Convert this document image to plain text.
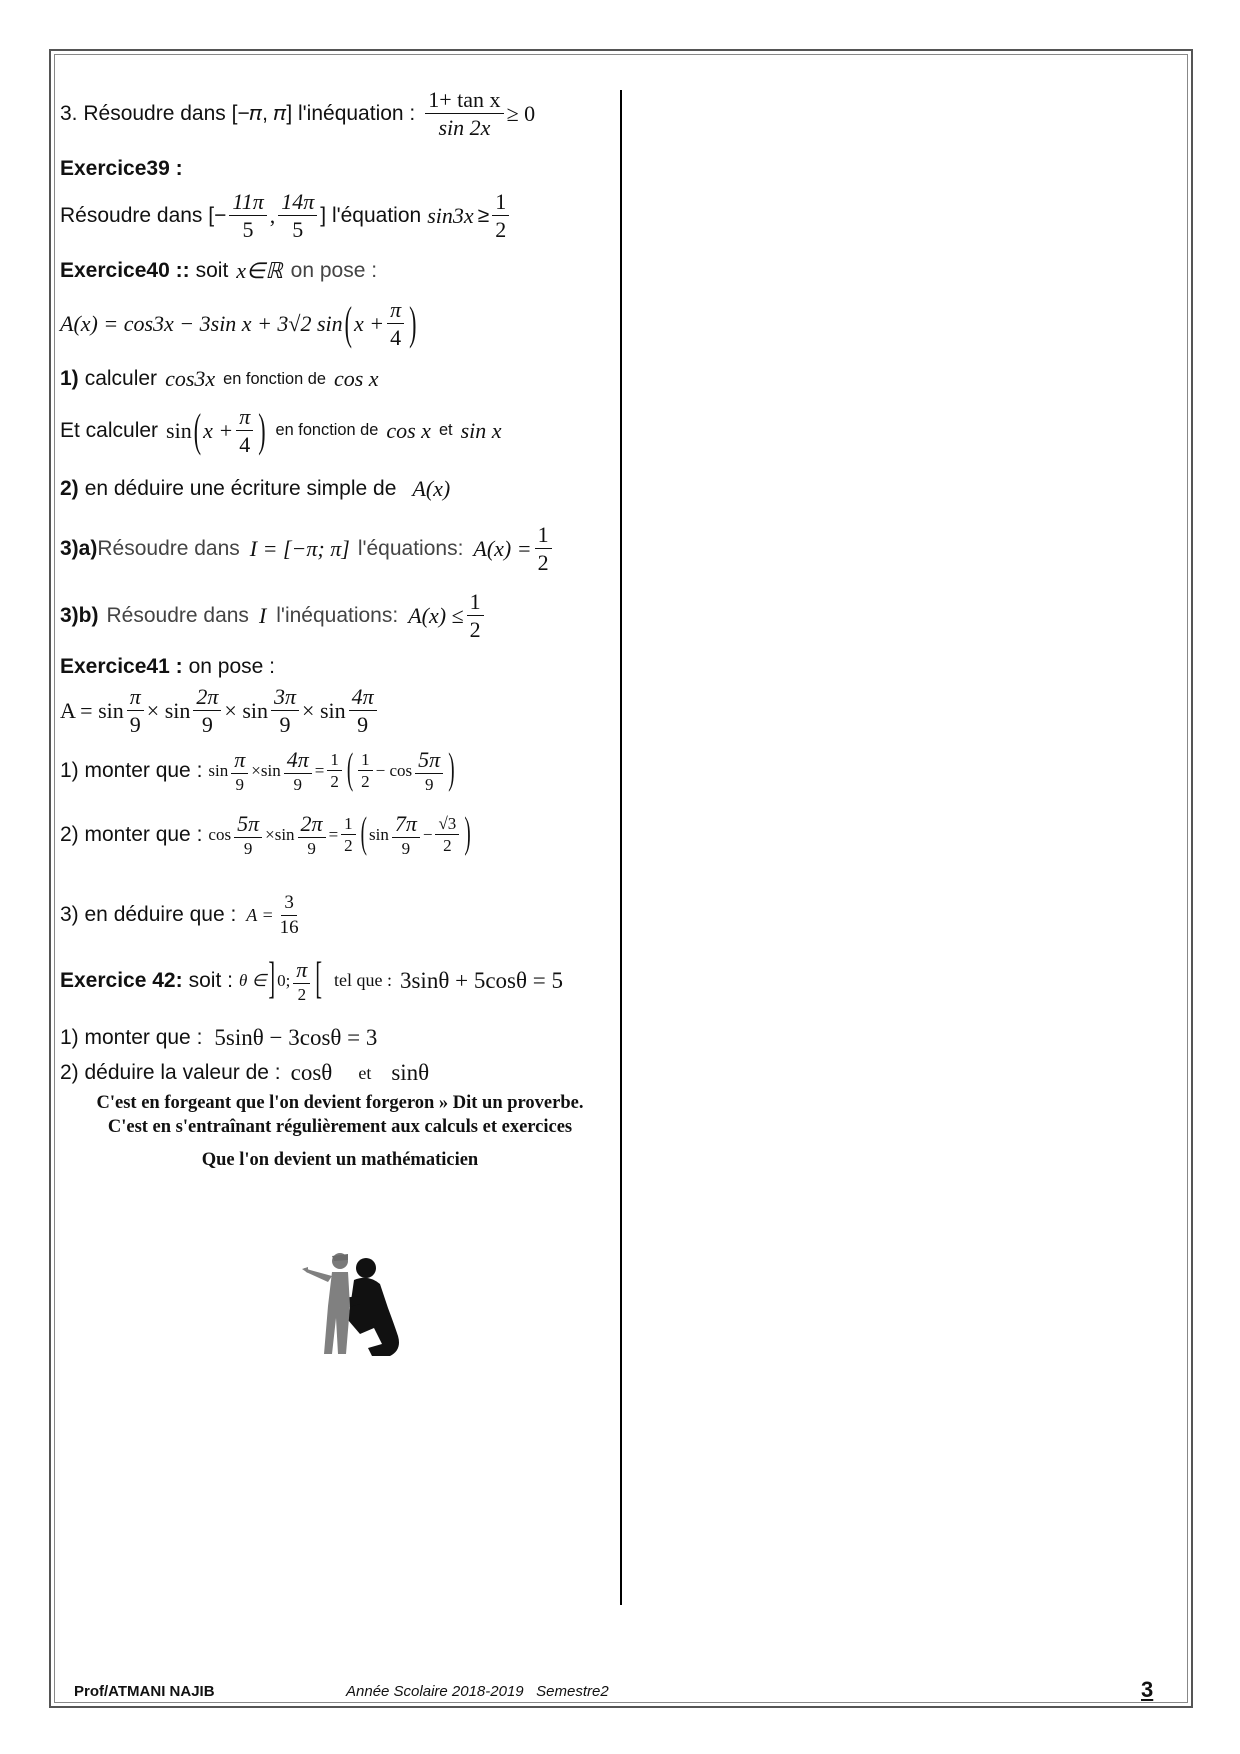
3. Résoudre dans [−𝜋, 𝜋] l'inéquation : $\frac{\text{1+ tan x}}{\sin 2x} \ge 0$
Exercice39 :
Résoudre dans [− $\frac{11\pi}{5}$ , $\frac{14\pi}{5}$ ] l'équation $\sin 3x \ge \frac{1}{2}$
Exercice40 :: soit x∈ℝ on pose :
A(x) = cos3x − 3sin x + 3√2 sin ( $x + \frac{\pi}{4}$ )
1) calculer cos3x en fonction de cos x
Et calculer sin ( $x + \frac{\pi}{4}$ ) en fonction de cos x et sin x
2) en déduire une écriture simple de A(x)
3)a) Résoudre dans I = [−π; π] l'équations: $A(x) = \frac{1}{2}$
3)b) Résoudre dans I l'inéquations: $A(x) \le \frac{1}{2}$
Exercice41 : on pose :
$A = \sin \frac{\pi}{9} \times \sin \frac{2\pi}{9} \times \sin \frac{3\pi}{9} \times \sin \frac{4\pi}{9}$
1) monter que : $\sin \frac{\pi}{9} \times \sin \frac{4\pi}{9} = \frac{1}{2}$ ( $\frac{1}{2} - \cos \frac{5\pi}{9}$ )
2) monter que : $\cos \frac{5\pi}{9} \times \sin \frac{2\pi}{9} = \frac{1}{2}$ ( $\sin \frac{7\pi}{9} - \frac{√3}{2}$ )
3) en déduire que : $A = \frac{3}{16}$
Exercice 42: soit : θ ∈ ] 0; $\frac{\pi}{2}$ [ tel que : 3sinθ + 5cosθ = 5
1) monter que : 5sinθ − 3cosθ = 3
2) déduire la valeur de : cosθ et sinθ
C'est en forgeant que l'on devient forgeron » Dit un proverbe.
C'est en s'entraînant régulièrement aux calculs et exercices
Que l'on devient un mathématicien
Prof/ATMANI NAJIB	Année Scolaire 2018-2019   Semestre2	3
